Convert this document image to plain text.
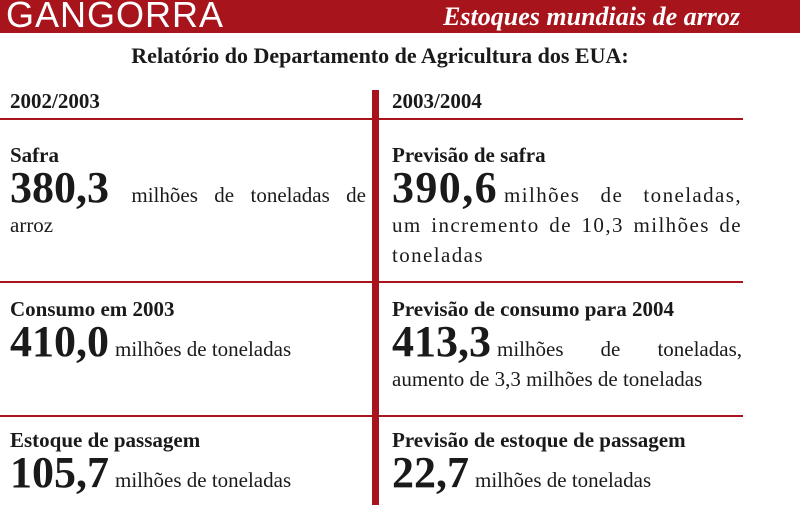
GANGORRA	Estoques mundiais de arroz
Relatório do Departamento de Agricultura dos EUA:
2002/2003	2003/2004
Safra
380,3 milhões de toneladas de arroz
Consumo em 2003
410,0 milhões de toneladas
Estoque de passagem
105,7 milhões de toneladas
Previsão de safra
390,6 milhões de toneladas, um incremento de 10,3 milhões de toneladas
Previsão de consumo para 2004
413,3 milhões de toneladas, aumento de 3,3 milhões de toneladas
Previsão de estoque de passagem
22,7 milhões de toneladas
